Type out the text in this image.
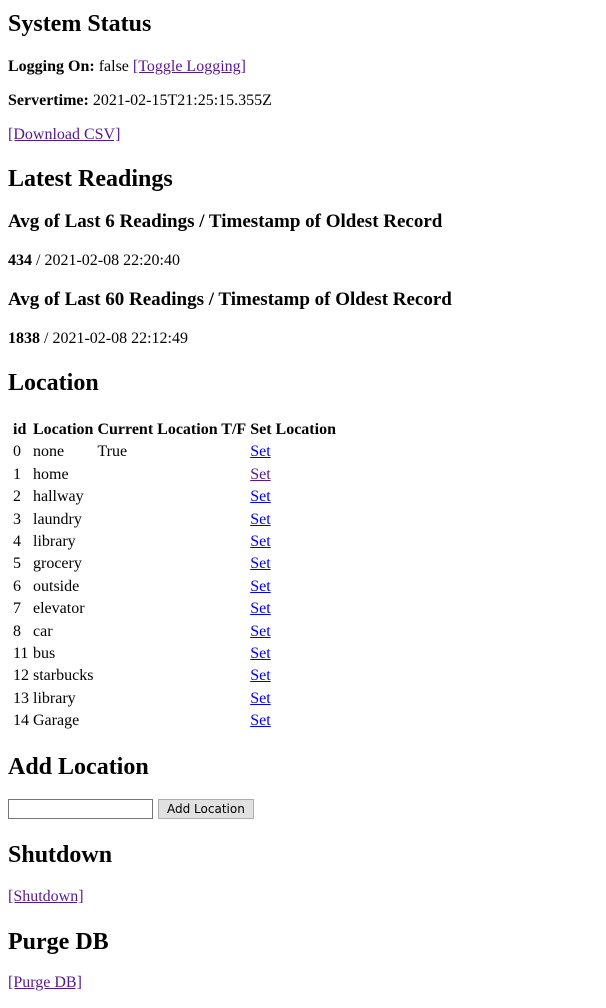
System Status

Logging On: false [Toggle Logging]

Servertime: 2021-02-15T21:25:15.355Z

[Download CSV]

Latest Readings
Avg of Last 6 Readings / Timestamp of Oldest Record

434 / 2021-02-08 22:20:40

Avg of Last 60 Readings / Timestamp of Oldest Record

1838 / 2021-02-08 22:12:49

Location
id	Location	Current Location T/F	Set Location
0	none	True	Set
1	home		Set
2	hallway		Set
3	laundry		Set
4	library		Set
5	grocery		Set
6	outside		Set
7	elevator		Set
8	car		Set
11	bus		Set
12	starbucks		Set
13	library		Set
14	Garage		Set
Add Location
Add Location
Shutdown

[Shutdown]

Purge DB

[Purge DB]
